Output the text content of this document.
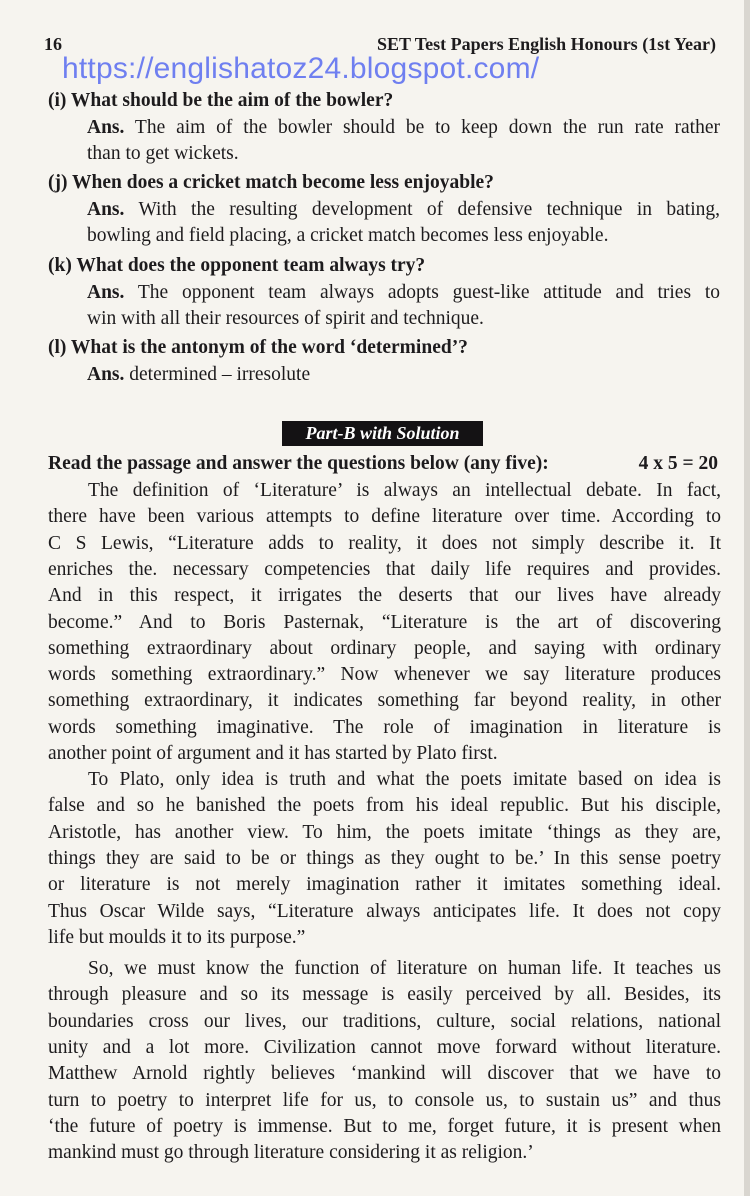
16	SET Test Papers English Honours (1st Year)
https://englishatoz24.blogspot.com/
(i) What should be the aim of the bowler?
Ans. The aim of the bowler should be to keep down the run rate rather
than to get wickets.
(j) When does a cricket match become less enjoyable?
Ans. With the resulting development of defensive technique in bating,
bowling and field placing, a cricket match becomes less enjoyable.
(k) What does the opponent team always try?
Ans. The opponent team always adopts guest-like attitude and tries to
win with all their resources of spirit and technique.
(l) What is the antonym of the word ‘determined’?
Ans. determined – irresolute
Part-B with Solution
Read the passage and answer the questions below (any five):	4 x 5 = 20
The definition of ‘Literature’ is always an intellectual debate. In fact,
there have been various attempts to define literature over time. According to
C S Lewis, “Literature adds to reality, it does not simply describe it. It
enriches the. necessary competencies that daily life requires and provides.
And in this respect, it irrigates the deserts that our lives have already
become.” And to Boris Pasternak, “Literature is the art of discovering
something extraordinary about ordinary people, and saying with ordinary
words something extraordinary.” Now whenever we say literature produces
something extraordinary, it indicates something far beyond reality, in other
words something imaginative. The role of imagination in literature is
another point of argument and it has started by Plato first.
To Plato, only idea is truth and what the poets imitate based on idea is
false and so he banished the poets from his ideal republic. But his disciple,
Aristotle, has another view. To him, the poets imitate ‘things as they are,
things they are said to be or things as they ought to be.’ In this sense poetry
or literature is not merely imagination rather it imitates something ideal.
Thus Oscar Wilde says, “Literature always anticipates life. It does not copy
life but moulds it to its purpose.”
So, we must know the function of literature on human life. It teaches us
through pleasure and so its message is easily perceived by all. Besides, its
boundaries cross our lives, our traditions, culture, social relations, national
unity and a lot more. Civilization cannot move forward without literature.
Matthew Arnold rightly believes ‘mankind will discover that we have to
turn to poetry to interpret life for us, to console us, to sustain us” and thus
‘the future of poetry is immense. But to me, forget future, it is present when
mankind must go through literature considering it as religion.’
